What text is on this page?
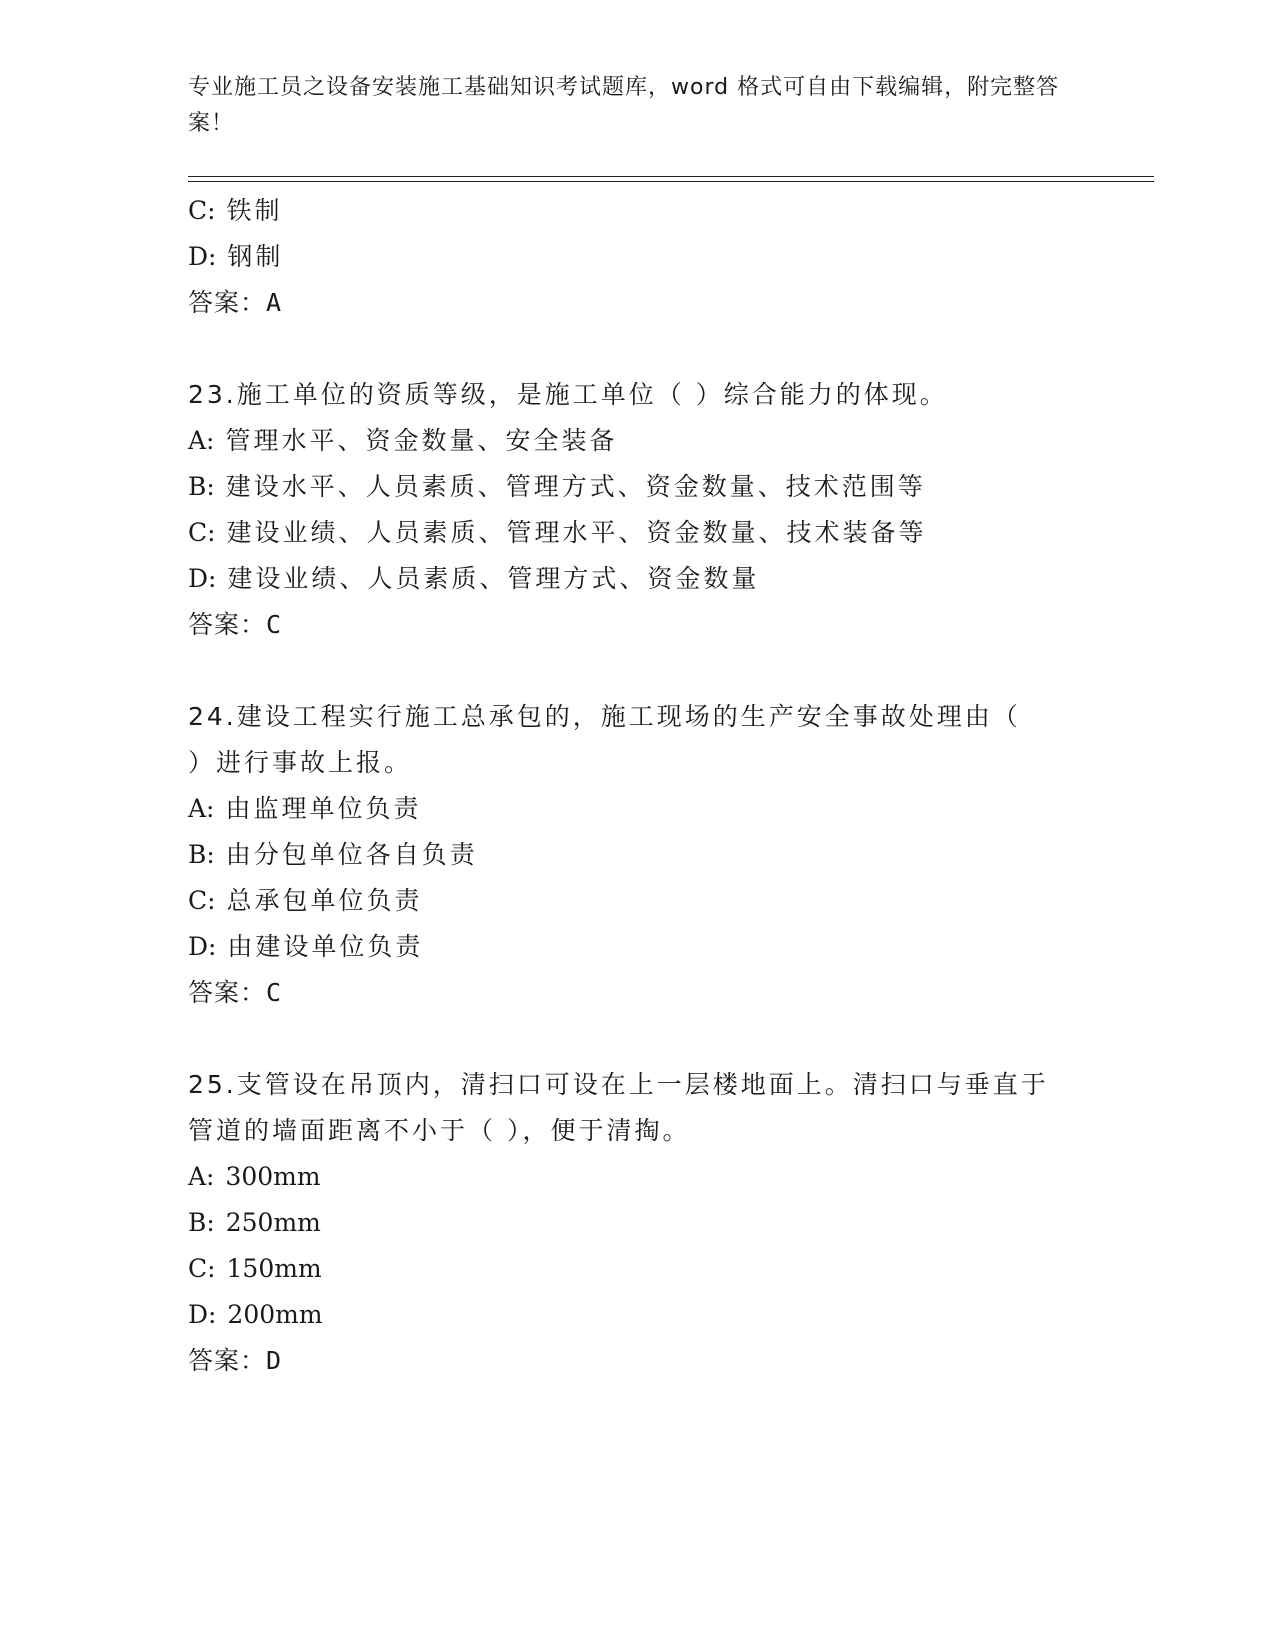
专业施工员之设备安装施工基础知识考试题库，word 格式可自由下载编辑，附完整答案！
C: 铁制
D: 钢制
答案：A
23.施工单位的资质等级，是施工单位（ ）综合能力的体现。
A: 管理水平、资金数量、安全装备
B: 建设水平、人员素质、管理方式、资金数量、技术范围等
C: 建设业绩、人员素质、管理水平、资金数量、技术装备等
D: 建设业绩、人员素质、管理方式、资金数量
答案：C
24.建设工程实行施工总承包的，施工现场的生产安全事故处理由（
）进行事故上报。
A: 由监理单位负责
B: 由分包单位各自负责
C: 总承包单位负责
D: 由建设单位负责
答案：C
25.支管设在吊顶内，清扫口可设在上一层楼地面上。清扫口与垂直于
管道的墙面距离不小于（ ），便于清掏。
A: 300mm
B: 250mm
C: 150mm
D: 200mm
答案：D
